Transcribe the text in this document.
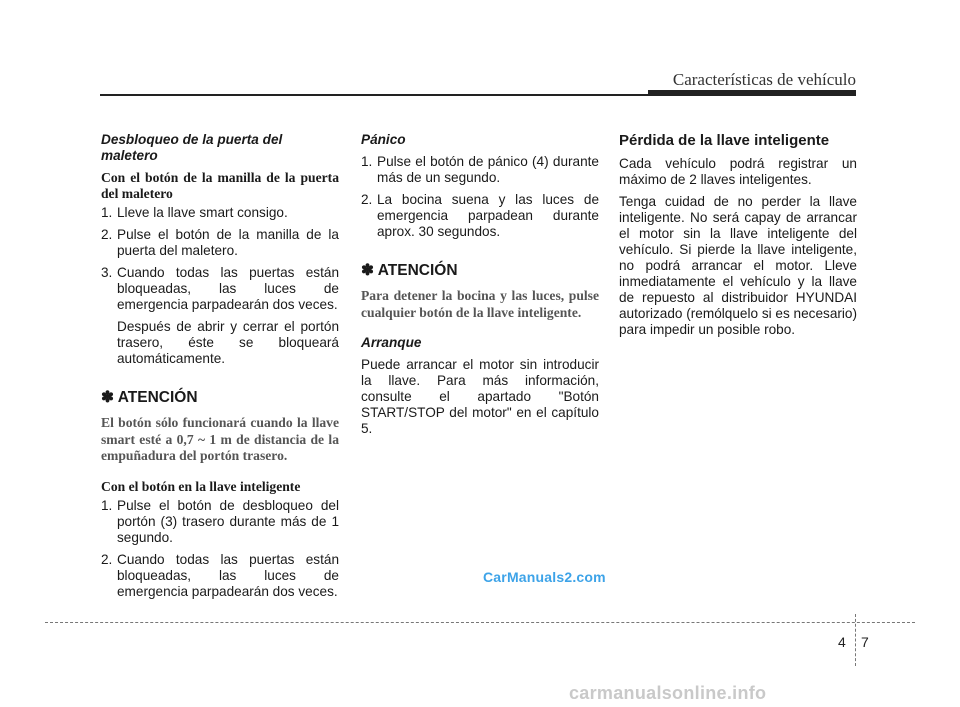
Características de vehículo
Desbloqueo de la puerta del maletero
Con el botón de la manilla de la puerta del maletero
1. Lleve la llave smart consigo.
2. Pulse el botón de la manilla de la puerta del maletero.
3. Cuando todas las puertas están bloqueadas, las luces de emergencia parpadearán dos veces.
Después de abrir y cerrar el portón trasero, éste se bloqueará automáticamente.
✽ ATENCIÓN
El botón sólo funcionará cuando la llave smart esté a 0,7 ~ 1 m de distancia de la empuñadura del portón trasero.
Con el botón en la llave inteligente
1. Pulse el botón de desbloqueo del portón (3) trasero durante más de 1 segundo.
2. Cuando todas las puertas están bloqueadas, las luces de emergencia parpadearán dos veces.
Pánico
1. Pulse el botón de pánico (4) durante más de un segundo.
2. La bocina suena y las luces de emergencia parpadean durante aprox. 30 segundos.
✽ ATENCIÓN
Para detener la bocina y las luces, pulse cualquier botón de la llave inteligente.
Arranque

Puede arrancar el motor sin introducir la llave. Para más información, consulte el apartado "Botón START/STOP del motor" en el capítulo 5.

Pérdida de la llave inteligente

Cada vehículo podrá registrar un máximo de 2 llaves inteligentes.

Tenga cuidad de no perder la llave inteligente. No será capay de arrancar el motor sin la llave inteligente del vehículo. Si pierde la llave inteligente, no podrá arrancar el motor. Lleve inmediatamente el vehículo y la llave de repuesto al distribuidor HYUNDAI autorizado (remólquelo si es necesario) para impedir un posible robo.

CarManuals2.com
4 7
carmanualsonline.info
